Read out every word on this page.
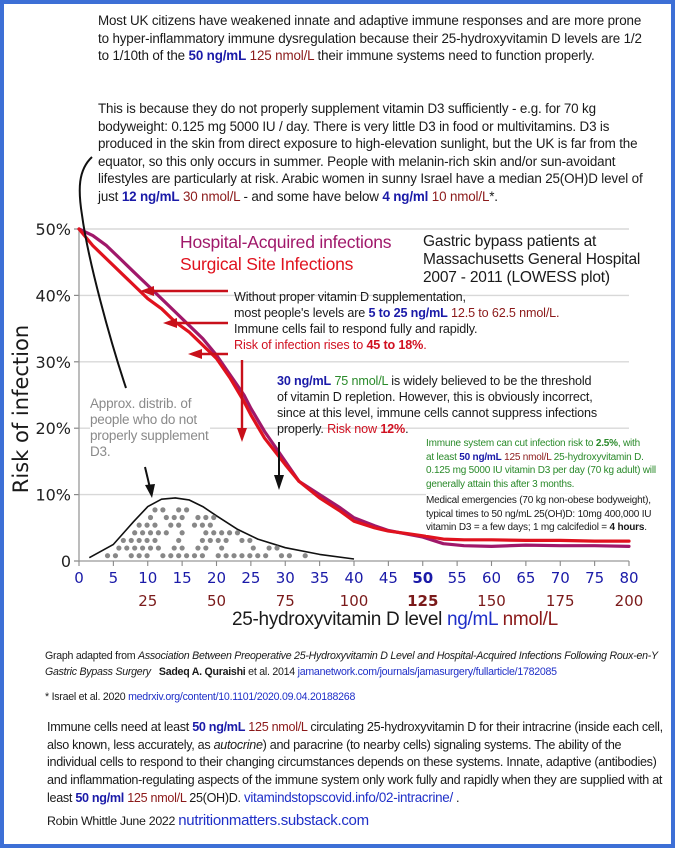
Most UK citizens have weakened innate and adaptive immune responses and are more prone to hyper-inflammatory immune dysregulation because their 25-hydroxyvitamin D levels are 1/2 to 1/10th of the 50 ng/mL 125 nmol/L their immune systems need to function properly.
This is because they do not properly supplement vitamin D3 sufficiently - e.g. for 70 kg bodyweight: 0.125 mg 5000 IU / day. There is very little D3 in food or multivitamins. D3 is produced in the skin from direct exposure to high-elevation sunlight, but the UK is far from the equator, so this only occurs in summer. People with melanin-rich skin and/or sun-avoidant lifestyles are particularly at risk. Arabic women in sunny Israel have a median 25(OH)D level of just 12 ng/mL 30 nmol/L - and some have below 4 ng/ml 10 nmol/L*.
0
10%
20%
30%
40%
50%
0 5 10 15 20 25 30 35 40 45 50 55 60 65 70 75 80
25	50	75	100	125	150	175	200
Risk of infection
Hospital-Acquired infections
Surgical Site Infections
Gastric bypass patients at Massachusetts General Hospital 2007 - 2011 (LOWESS plot)
Without proper vitamin D supplementation,
most people's levels are 5 to 25 ng/mL 12.5 to 62.5 nmol/L.
Immune cells fail to respond fully and rapidly.
Risk of infection rises to 45 to 18%.
30 ng/mL 75 nmol/L is widely believed to be the threshold
of vitamin D repletion. However, this is obviously incorrect,
since at this level, immune cells cannot suppress infections
properly. Risk now 12%.
Immune system can cut infection risk to 2.5%, with
at least 50 ng/mL 125 nmol/L 25-hydroxyvitamin D.
0.125 mg 5000 IU vitamin D3 per day (70 kg adult) will
generally attain this after 3 months.
Medical emergencies (70 kg non-obese bodyweight),
typical times to 50 ng/mL 25(OH)D: 10mg 400,000 IU
vitamin D3 = a few days; 1 mg calcifediol = 4 hours.
Approx. distrib. of people who do not properly supplement D3.
25-hydroxyvitamin D level ng/mL nmol/L
Graph adapted from Association Between Preoperative 25-Hydroxyvitamin D Level and Hospital-Acquired Infections Following Roux-en-Y Gastric Bypass Surgery Sadeq A. Quraishi et al. 2014 jamanetwork.com/journals/jamasurgery/fullarticle/1782085
* Israel et al. 2020 medrxiv.org/content/10.1101/2020.09.04.20188268
Immune cells need at least 50 ng/mL 125 nmol/L circulating 25-hydroxyvitamin D for their intracrine (inside each cell, also known, less accurately, as autocrine) and paracrine (to nearby cells) signaling systems. The ability of the individual cells to respond to their changing circumstances depends on these systems. Innate, adaptive (antibodies) and inflammation-regulating aspects of the immune system only work fully and rapidly when they are supplied with at least 50 ng/ml 125 nmol/L 25(OH)D. vitamindstopscovid.info/02-intracrine/ .
Robin Whittle June 2022 nutritionmatters.substack.com
